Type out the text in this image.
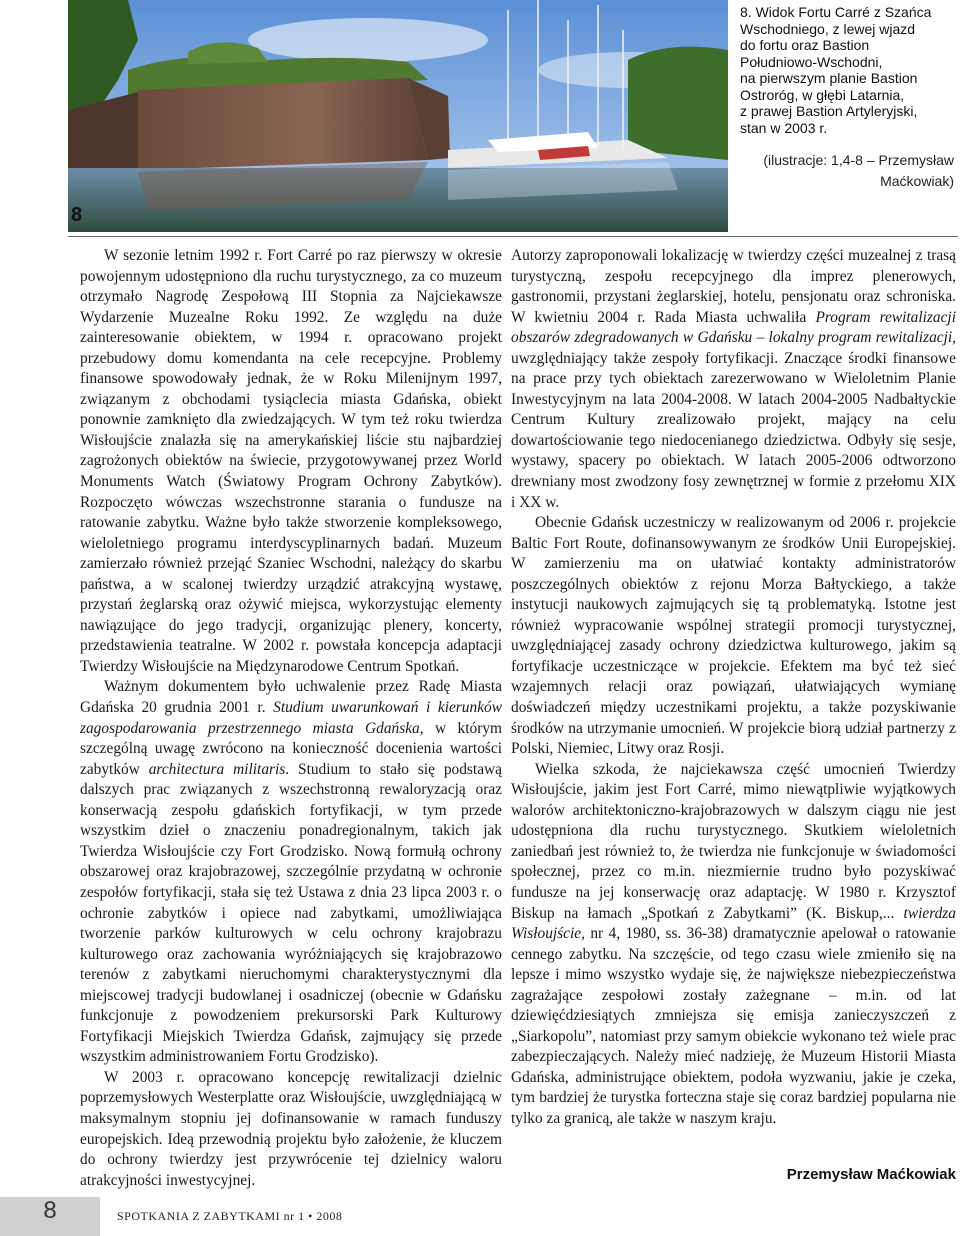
8
8. Widok Fortu Carré z Szańca
Wschodniego, z lewej wjazd
do fortu oraz Bastion
Południowo-Wschodni,
na pierwszym planie Bastion
Ostroróg, w głębi Latarnia,
z prawej Bastion Artyleryjski,
stan w 2003 r.
(ilustracje: 1,4-8 – Przemysław
Maćkowiak)

W sezonie letnim 1992 r. Fort Carré po raz pierwszy w okresie powojennym udostępniono dla ruchu turystycznego, za co muzeum otrzymało Nagrodę Zespołową III Stopnia za Najciekawsze Wydarzenie Muzealne Roku 1992. Ze względu na duże zainteresowanie obiektem, w 1994 r. opracowano projekt przebudowy domu komendanta na cele recepcyjne. Problemy finansowe spowodowały jednak, że w Roku Milenijnym 1997, związanym z obchodami tysiąclecia miasta Gdańska, obiekt ponownie zamknięto dla zwiedzających. W tym też roku twierdza Wisłoujście znalazła się na amerykańskiej liście stu najbardziej zagrożonych obiektów na świecie, przygotowywanej przez World Monuments Watch (Światowy Program Ochrony Zabytków). Rozpoczęto wówczas wszechstronne starania o fundusze na ratowanie zabytku. Ważne było także stworzenie kompleksowego, wieloletniego programu interdyscyplinarnych badań. Muzeum zamierzało również przejąć Szaniec Wschodni, należący do skarbu państwa, a w scalonej twierdzy urządzić atrakcyjną wystawę, przystań żeglarską oraz ożywić miejsca, wykorzystując elementy nawiązujące do jego tradycji, organizując plenery, koncerty, przedstawienia teatralne. W 2002 r. powstała koncepcja adaptacji Twierdzy Wisłoujście na Międzynarodowe Centrum Spotkań.

Ważnym dokumentem było uchwalenie przez Radę Miasta Gdańska 20 grudnia 2001 r. Studium uwarunkowań i kierunków zagospodarowania przestrzennego miasta Gdańska, w którym szczególną uwagę zwrócono na konieczność docenienia wartości zabytków architectura militaris. Studium to stało się podstawą dalszych prac związanych z wszechstronną rewaloryzacją oraz konserwacją zespołu gdańskich fortyfikacji, w tym przede wszystkim dzieł o znaczeniu ponadregionalnym, takich jak Twierdza Wisłoujście czy Fort Grodzisko. Nową formułą ochrony obszarowej oraz krajobrazowej, szczególnie przydatną w ochronie zespołów fortyfikacji, stała się też Ustawa z dnia 23 lipca 2003 r. o ochronie zabytków i opiece nad zabytkami, umożliwiająca tworzenie parków kulturowych w celu ochrony krajobrazu kulturowego oraz zachowania wyróżniających się krajobrazowo terenów z zabytkami nieruchomymi charakterystycznymi dla miejscowej tradycji budowlanej i osadniczej (obecnie w Gdańsku funkcjonuje z powodzeniem prekursorski Park Kulturowy Fortyfikacji Miejskich Twierdza Gdańsk, zajmujący się przede wszystkim administrowaniem Fortu Grodzisko).

W 2003 r. opracowano koncepcję rewitalizacji dzielnic poprzemysłowych Westerplatte oraz Wisłoujście, uwzględniającą w maksymalnym stopniu jej dofinansowanie w ramach funduszy europejskich. Ideą przewodnią projektu było założenie, że kluczem do ochrony twierdzy jest przywrócenie tej dzielnicy waloru atrakcyjności inwestycyjnej.

Autorzy zaproponowali lokalizację w twierdzy części muzealnej z trasą turystyczną, zespołu recepcyjnego dla imprez plenerowych, gastronomii, przystani żeglarskiej, hotelu, pensjonatu oraz schroniska. W kwietniu 2004 r. Rada Miasta uchwaliła Program rewitalizacji obszarów zdegradowanych w Gdańsku – lokalny program rewitalizacji, uwzględniający także zespoły fortyfikacji. Znaczące środki finansowe na prace przy tych obiektach zarezerwowano w Wieloletnim Planie Inwestycyjnym na lata 2004-2008. W latach 2004-2005 Nadbałtyckie Centrum Kultury zrealizowało projekt, mający na celu dowartościowanie tego niedocenianego dziedzictwa. Odbyły się sesje, wystawy, spacery po obiektach. W latach 2005-2006 odtworzono drewniany most zwodzony fosy zewnętrznej w formie z przełomu XIX i XX w.

Obecnie Gdańsk uczestniczy w realizowanym od 2006 r. projekcie Baltic Fort Route, dofinansowywanym ze środków Unii Europejskiej. W zamierzeniu ma on ułatwiać kontakty administratorów poszczególnych obiektów z rejonu Morza Bałtyckiego, a także instytucji naukowych zajmujących się tą problematyką. Istotne jest również wypracowanie wspólnej strategii promocji turystycznej, uwzględniającej zasady ochrony dziedzictwa kulturowego, jakim są fortyfikacje uczestniczące w projekcie. Efektem ma być też sieć wzajemnych relacji oraz powiązań, ułatwiających wymianę doświadczeń między uczestnikami projektu, a także pozyskiwanie środków na utrzymanie umocnień. W projekcie biorą udział partnerzy z Polski, Niemiec, Litwy oraz Rosji.

Wielka szkoda, że najciekawsza część umocnień Twierdzy Wisłoujście, jakim jest Fort Carré, mimo niewątpliwie wyjątkowych walorów architektoniczno-krajobrazowych w dalszym ciągu nie jest udostępniona dla ruchu turystycznego. Skutkiem wieloletnich zaniedbań jest również to, że twierdza nie funkcjonuje w świadomości społecznej, przez co m.in. niezmiernie trudno było pozyskiwać fundusze na jej konserwację oraz adaptację. W 1980 r. Krzysztof Biskup na łamach „Spotkań z Zabytkami” (K. Biskup,... twierdza Wisłoujście, nr 4, 1980, ss. 36-38) dramatycznie apelował o ratowanie cennego zabytku. Na szczęście, od tego czasu wiele zmieniło się na lepsze i mimo wszystko wydaje się, że największe niebezpieczeństwa zagrażające zespołowi zostały zażegnane – m.in. od lat dziewięćdziesiątych zmniejsza się emisja zanieczyszczeń z „Siarkopolu”, natomiast przy samym obiekcie wykonano też wiele prac zabezpieczających. Należy mieć nadzieję, że Muzeum Historii Miasta Gdańska, administrujące obiektem, podoła wyzwaniu, jakie je czeka, tym bardziej że turystka forteczna staje się coraz bardziej popularna nie tylko za granicą, ale także w naszym kraju.

Przemysław Maćkowiak
8	SPOTKANIA Z ZABYTKAMI nr 1 • 2008
